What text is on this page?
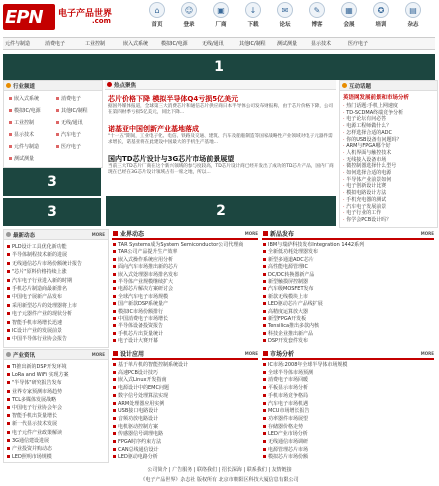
EPN 电子产品世界
.com
⌂
首页
☺
登录
▣
厂商
↓
下载
✉
论坛
✎
博客
▦
会展
✪
培训
▤
杂志
元件与制造	消费电子	工业控制	嵌入式系统	模拟IC/电源	无线/通讯	其他IC/制程 测试测量	显示技术	医疗电子
1
行业频道
嵌入式系统	消费电子
模拟IC/电源	其他IC/制程
工业控制	无线/通讯
显示技术	汽车电子
元件与制造	医疗电子
测试测量
3
3
热点聚焦
芯片价格下降 模拟半导体Q4亏损5亿美元
据国外媒体报道，全球第三大消费芯片和通信芯片供应商日本半导体公司发布财报称，由于芯片价格下降，公司在第四财季亏损5亿美元，同比下降...
诺基亚中国创新产业基地落成
"十一五"期间，工业电子化、电信、铁路及交通、建筑、汽车及船舶制造等国家战略性产业领域对电子元器件需求增长，诺基亚将在此建设中国最大的手机生产基地...
国内TD芯片设计与3G芯片市场前景展望
当前三大TD芯片厂商在这个新兴领域的参与度较高，TD芯片设计商已经开发出了成功的TD芯片产品，国内厂商现在已经在3G芯片设计领域占有一席之地，所以...
2
互动话题
英语网发展前景和市场分析
· 热门话题:手机上网速度
· TD-SCDMA终端竞争分析
· 电子论坛有问必答
· 电源工程师做什么？
· 怎样选择合适的ADC
· 你的USB设备有问题吗？
· ARM与FPGA哪个好
· 人机界面与触控技术
· 无线接入设备市场
· 微控制器选择什么型号
· 如何选择合适的电源
· 半导体产业前景如何
· 电子创新设计比赛
· 模拟电路设计方法
· 手机充电器的测试
· 汽车电子发展前景
· 电子行业的工作
· 你学会PCB设计吗？
最新动态	MORE
PLD设计工具优化新功能
半导体制程技术新的进展
无线通信芯片市场份额统计报告
"芯片"原料价格持续上涨
汽车电子行业进入新的时期
手机芯片制造商最新排名
中国电子展新产品发布
采用新型芯片的处理器将上市
电子元器件产业的现状分析
智能手机市场增长迅速
IC设计产业的发展前景
中国半导体行业协会报告
业界动态	MORE
TAR Systems成为System Semiconductor公司代理商
TAR公司产品提升生产效率
嵌入式操作系统应用分析
面向汽车市场推出新的芯片
嵌入式处理器市场排名发布
半导体产业规模继续扩大
电源芯片解决方案研讨会
全球汽车电子市场规模
国产新款DSP系统量产
模拟IC市场份额排行
中国消费电子市场增长
半导体设备投资报告
手机芯片出货量统计
电子设计大赛开幕
新品发布	MORE
IBM与瑞萨科技发布Integration 1442系列
全新低功耗处理器发布
新型多通道ADC芯片
高性能电源管理IC
DC/DC转换器新产品
新型触摸屏控制器
汽车级MOSFET发布
新款无线模块上市
LED驱动芯片产品线扩展
高精度运算放大器
新型FPGA开发板
Tensilica推出多款内核
科技企业推出新产品
DSP开发套件发布
产业资讯	MORE
TI推出新的DSP开发环境
LoRa and WiFi 实现方案
"半导体"研究报告发布
业界专家预测市场趋势
TCL多媒体发展战略
中国电子行业协会年会
智能手机出货量增长
新一代显示技术发展
电子元件产业政策解读
3G通信建设进展
产业投资并购动态
LED照明市场规模
设计应用	MORE
基于单片机的智能控制系统设计
高速PCB设计技巧
嵌入式Linux开发指南
电源设计中的EMC问题
数字信号处理算法实现
ARM处理器应用实例
USB接口电路设计
音频功放电路设计
电机驱动控制方案
传感器信号调理电路
FPGA时序约束方法
CAN总线通信设计
LED驱动电路分析
市场分析	MORE
IC市场:2008年全球半导体市场规模
全球半导体市场预测
消费电子市场回暖
平板显示市场分析
手机市场竞争格局
汽车电子市场机遇
MCU市场增长报告
功率器件市场展望
存储器价格走势
LED产业市场分析
无线通信市场调研
电源管理芯片市场
模拟芯片市场份额
公司简介 | 广告服务 | 联络我们 | 招长深海 | 联系我们 | 友情链接
《电子产品世界》杂志社 版权所有 北京市朝阳区科技大厦信息有限公司
